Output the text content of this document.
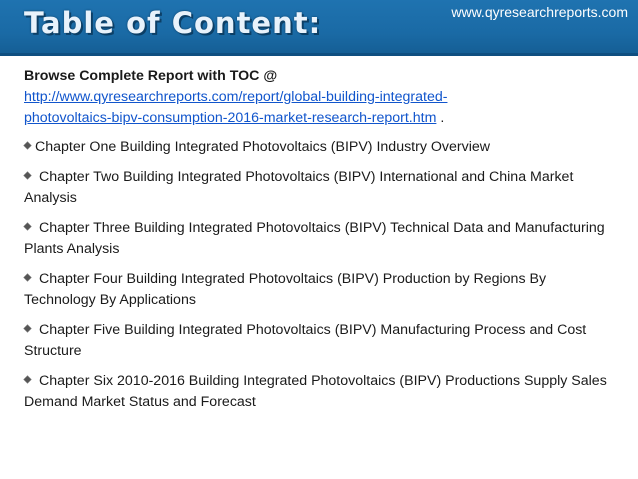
Table of Content:	www.qyresearchreports.com

Browse Complete Report with TOC @
http://www.qyresearchreports.com/report/global-building-integrated-
photovoltaics-bipv-consumption-2016-market-research-report.htm .

Chapter One Building Integrated Photovoltaics (BIPV) Industry Overview

Chapter Two Building Integrated Photovoltaics (BIPV) International and China Market Analysis

Chapter Three Building Integrated Photovoltaics (BIPV) Technical Data and Manufacturing Plants Analysis

Chapter Four Building Integrated Photovoltaics (BIPV) Production by Regions By Technology By Applications

Chapter Five Building Integrated Photovoltaics (BIPV) Manufacturing Process and Cost Structure

Chapter Six 2010-2016 Building Integrated Photovoltaics (BIPV) Productions Supply Sales Demand Market Status and Forecast
